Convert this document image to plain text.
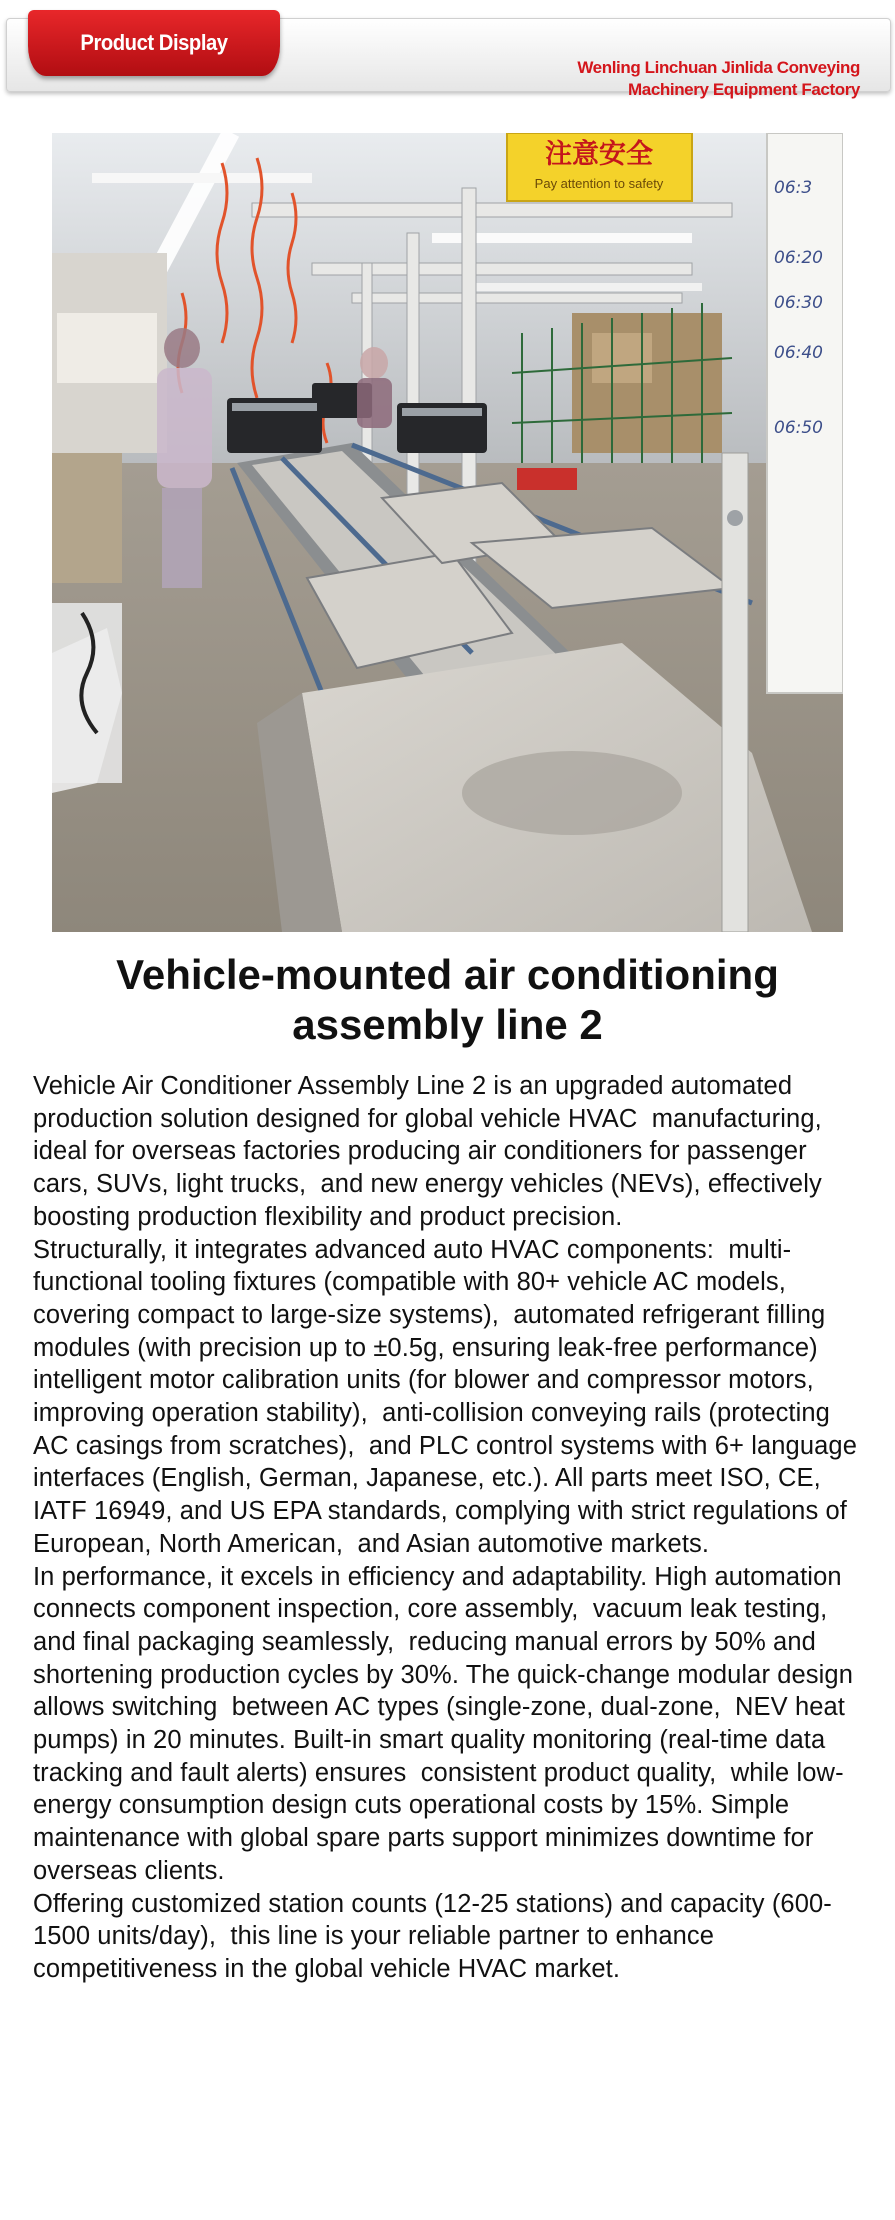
Wenling Linchuan Jinlida Conveying
Machinery Equipment Factory
Product Display
注意安全
Pay attention to safety	06:3
06:20
06:30
06:40
06:50
Vehicle-mounted air conditioning
assembly line 2

Vehicle Air Conditioner Assembly Line 2 is an upgraded automated production solution designed for global vehicle HVAC  manufacturing, ideal for overseas factories producing air conditioners for passenger cars, SUVs, light trucks,  and new energy vehicles (NEVs), effectively boosting production flexibility and product precision.

Structurally, it integrates advanced auto HVAC components:  multi-functional tooling fixtures (compatible with 80+ vehicle AC models, covering compact to large-size systems),  automated refrigerant filling modules (with precision up to ±0.5g, ensuring leak-free performance)  intelligent motor calibration units (for blower and compressor motors, improving operation stability),  anti-collision conveying rails (protecting AC casings from scratches),  and PLC control systems with 6+ language interfaces (English, German, Japanese, etc.). All parts meet ISO, CE,  IATF 16949, and US EPA standards, complying with strict regulations of European, North American,  and Asian automotive markets.

In performance, it excels in efficiency and adaptability. High automation connects component inspection, core assembly,  vacuum leak testing, and final packaging seamlessly,  reducing manual errors by 50% and shortening production cycles by 30%. The quick-change modular design allows switching  between AC types (single-zone, dual-zone,  NEV heat pumps) in 20 minutes. Built-in smart quality monitoring (real-time data tracking and fault alerts) ensures  consistent product quality,  while low-energy consumption design cuts operational costs by 15%. Simple maintenance with global spare parts support minimizes downtime for overseas clients.

Offering customized station counts (12-25 stations) and capacity (600-1500 units/day),  this line is your reliable partner to enhance competitiveness in the global vehicle HVAC market.
